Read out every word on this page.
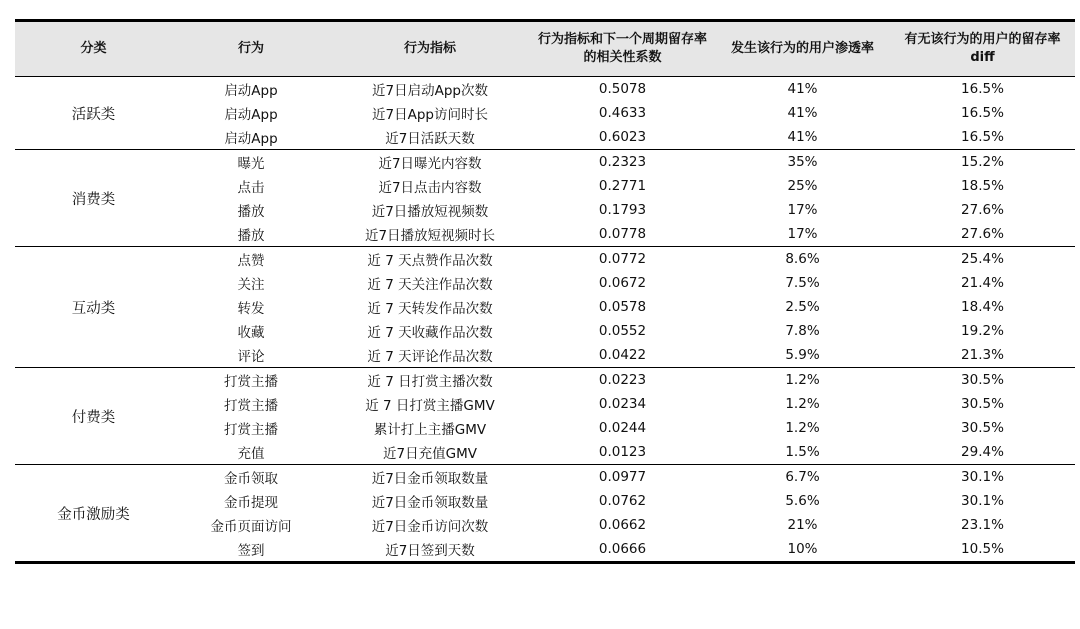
分类	行为	行为指标	行为指标和下一个周期留存率的相关性系数	发生该行为的用户渗透率	有无该行为的用户的留存率diff
活跃类	启动App	近7日启动App次数	0.5078	41%	16.5%
	启动App	近7日App访问时长	0.4633	41%	16.5%
	启动App	近7日活跃天数	0.6023	41%	16.5%
消费类	曝光	近7日曝光内容数	0.2323	35%	15.2%
	点击	近7日点击内容数	0.2771	25%	18.5%
	播放	近7日播放短视频数	0.1793	17%	27.6%
	播放	近7日播放短视频时长	0.0778	17%	27.6%
互动类	点赞	近 7 天点赞作品次数	0.0772	8.6%	25.4%
	关注	近 7 天关注作品次数	0.0672	7.5%	21.4%
	转发	近 7 天转发作品次数	0.0578	2.5%	18.4%
	收藏	近 7 天收藏作品次数	0.0552	7.8%	19.2%
	评论	近 7 天评论作品次数	0.0422	5.9%	21.3%
付费类	打赏主播	近 7 日打赏主播次数	0.0223	1.2%	30.5%
	打赏主播	近 7 日打赏主播GMV	0.0234	1.2%	30.5%
	打赏主播	累计打上主播GMV	0.0244	1.2%	30.5%
	充值	近7日充值GMV	0.0123	1.5%	29.4%
金币激励类	金币领取	近7日金币领取数量	0.0977	6.7%	30.1%
	金币提现	近7日金币领取数量	0.0762	5.6%	30.1%
	金币页面访问	近7日金币访问次数	0.0662	21%	23.1%
	签到	近7日签到天数	0.0666	10%	10.5%
